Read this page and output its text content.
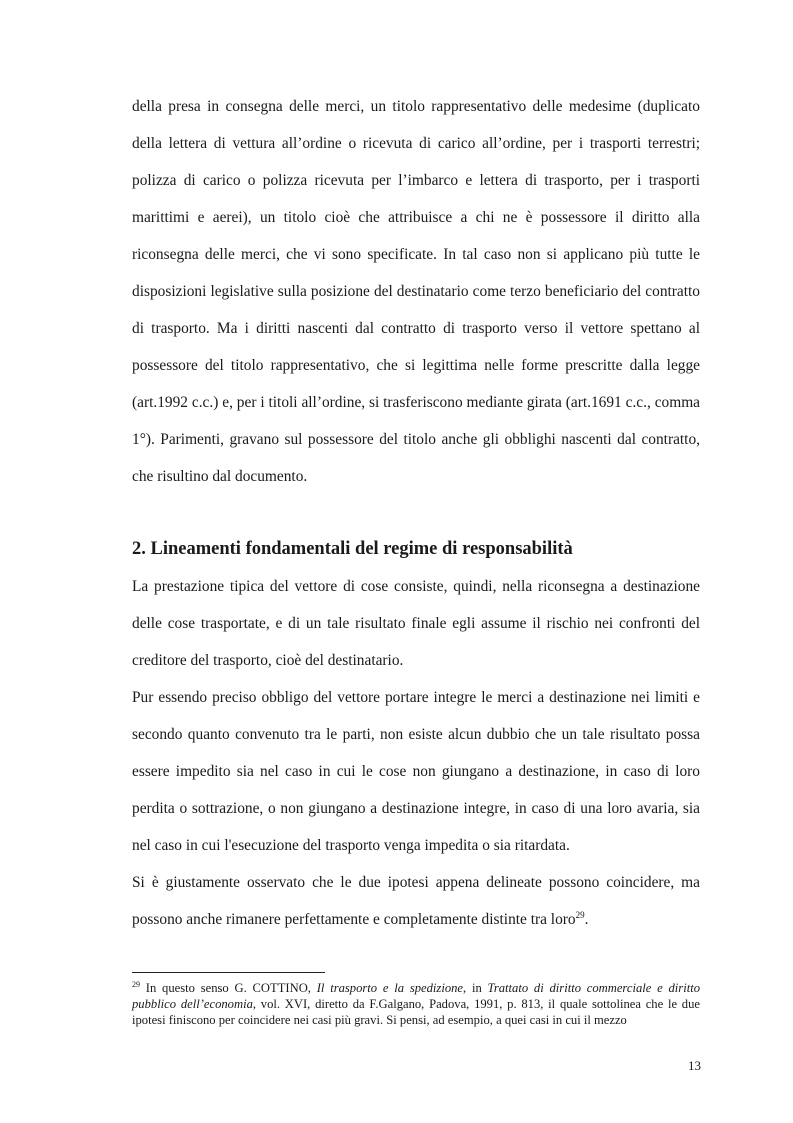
della presa in consegna delle merci, un titolo rappresentativo delle medesime (duplicato della lettera di vettura all’ordine o ricevuta di carico all’ordine, per i trasporti terrestri; polizza di carico o polizza ricevuta per l’imbarco e lettera di trasporto, per i trasporti marittimi e aerei), un titolo cioè che attribuisce a chi ne è possessore il diritto alla riconsegna delle merci, che vi sono specificate. In tal caso non si applicano più tutte le disposizioni legislative sulla posizione del destinatario come terzo beneficiario del contratto di trasporto. Ma i diritti nascenti dal contratto di trasporto verso il vettore spettano al possessore del titolo rappresentativo, che si legittima nelle forme prescritte dalla legge (art.1992 c.c.) e, per i titoli all’ordine, si trasferiscono mediante girata (art.1691 c.c., comma 1°). Parimenti, gravano sul possessore del titolo anche gli obblighi nascenti dal contratto, che risultino dal documento.

2. Lineamenti fondamentali del regime di responsabilità

La prestazione tipica del vettore di cose consiste, quindi, nella riconsegna a destinazione delle cose trasportate, e di un tale risultato finale egli assume il rischio nei confronti del creditore del trasporto, cioè del destinatario.

Pur essendo preciso obbligo del vettore portare integre le merci a destinazione nei limiti e secondo quanto convenuto tra le parti, non esiste alcun dubbio che un tale risultato possa essere impedito sia nel caso in cui le cose non giungano a destinazione, in caso di loro perdita o sottrazione, o non giungano a destinazione integre, in caso di una loro avaria, sia nel caso in cui l'esecuzione del trasporto venga impedita o sia ritardata.

Si è giustamente osservato che le due ipotesi appena delineate possono coincidere, ma possono anche rimanere perfettamente e completamente distinte tra loro$^{29}$.

$^{29}$ In questo senso G. COTTINO, Il trasporto e la spedizione, in Trattato di diritto commerciale e diritto pubblico dell’economia, vol. XVI, diretto da F.Galgano, Padova, 1991, p. 813, il quale sottolinea che le due ipotesi finiscono per coincidere nei casi più gravi. Si pensi, ad esempio, a quei casi in cui il mezzo

13
